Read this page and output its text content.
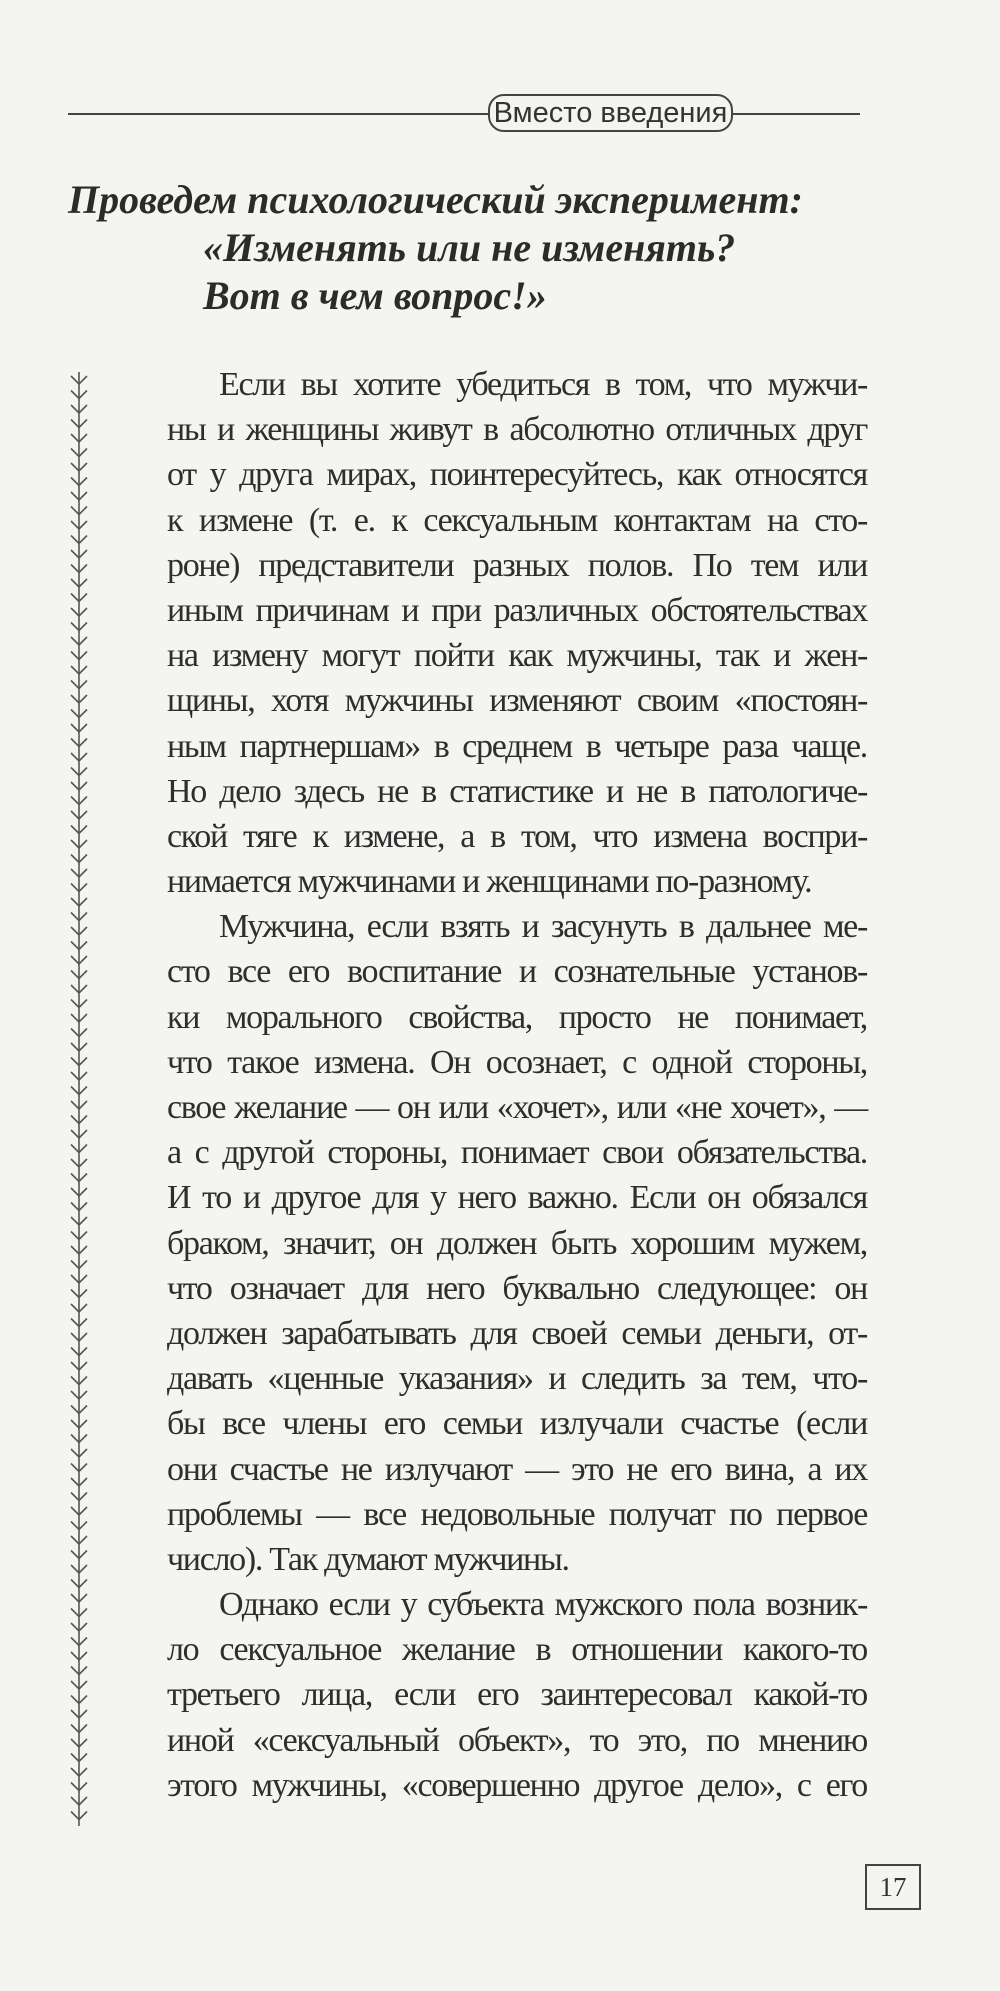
Вместо введения
Проведем психологический эксперимент:
«Изменять или не изменять?
Вот в чем вопрос!»
Если вы хотите убедиться в том, что мужчи-
ны и женщины живут в абсолютно отличных друг
от у друга мирах, поинтересуйтесь, как относятся
к измене (т. е. к сексуальным контактам на сто-
роне) представители разных полов. По тем или
иным причинам и при различных обстоятельствах
на измену могут пойти как мужчины, так и жен-
щины, хотя мужчины изменяют своим «постоян-
ным партнершам» в среднем в четыре раза чаще.
Но дело здесь не в статистике и не в патологиче-
ской тяге к измене, а в том, что измена воспри-
нимается мужчинами и женщинами по-разному.
Мужчина, если взять и засунуть в дальнее ме-
сто все его воспитание и сознательные установ-
ки морального свойства, просто не понимает,
что такое измена. Он осознает, с одной стороны,
свое желание — он или «хочет», или «не хочет», —
а с другой стороны, понимает свои обязательства.
И то и другое для у него важно. Если он обязался
браком, значит, он должен быть хорошим мужем,
что означает для него буквально следующее: он
должен зарабатывать для своей семьи деньги, от-
давать «ценные указания» и следить за тем, что-
бы все члены его семьи излучали счастье (если
они счастье не излучают — это не его вина, а их
проблемы — все недовольные получат по первое
число). Так думают мужчины.
Однако если у субъекта мужского пола возник-
ло сексуальное желание в отношении какого-то
третьего лица, если его заинтересовал какой-то
иной «сексуальный объект», то это, по мнению
этого мужчины, «совершенно другое дело», с его
17
